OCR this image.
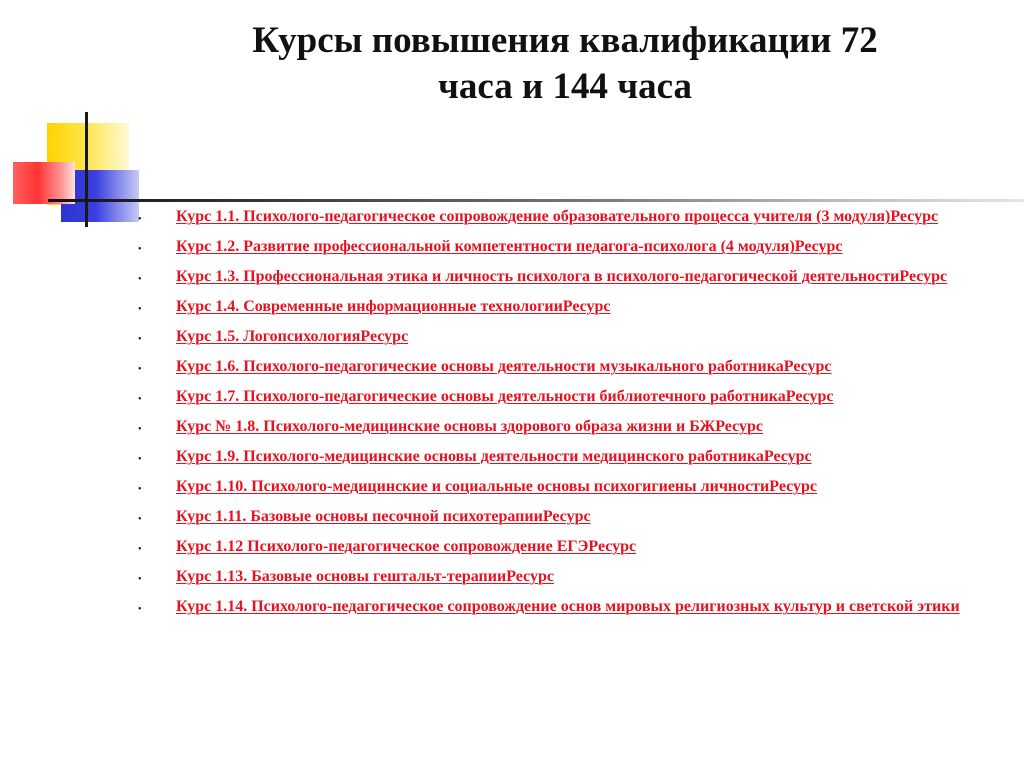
Курсы повышения квалификации 72
часа и 144 часа
• Курс 1.1. Психолого-педагогическое сопровождение образовательного процесса учителя (3 модуля)Ресурс
• Курс 1.2. Развитие профессиональной компетентности педагога-психолога (4 модуля)Ресурс
• Курс 1.3. Профессиональная этика и личность психолога в психолого-педагогической деятельностиРесурс
• Курс 1.4. Современные информационные технологииРесурс
• Курс 1.5. ЛогопсихологияРесурс
• Курс 1.6. Психолого-педагогические основы деятельности музыкального работникаРесурс
• Курс 1.7. Психолого-педагогические основы деятельности библиотечного работникаРесурс
• Курс № 1.8. Психолого-медицинские основы здорового образа жизни и БЖРесурс
• Курс 1.9. Психолого-медицинские основы деятельности медицинского работникаРесурс
• Курс 1.10. Психолого-медицинские и социальные основы психогигиены личностиРесурс
• Курс 1.11. Базовые основы песочной психотерапииРесурс
• Курс 1.12 Психолого-педагогическое сопровождение ЕГЭРесурс
• Курс 1.13. Базовые основы гештальт-терапииРесурс
• Курс 1.14. Психолого-педагогическое сопровождение основ мировых религиозных культур и светской этики
